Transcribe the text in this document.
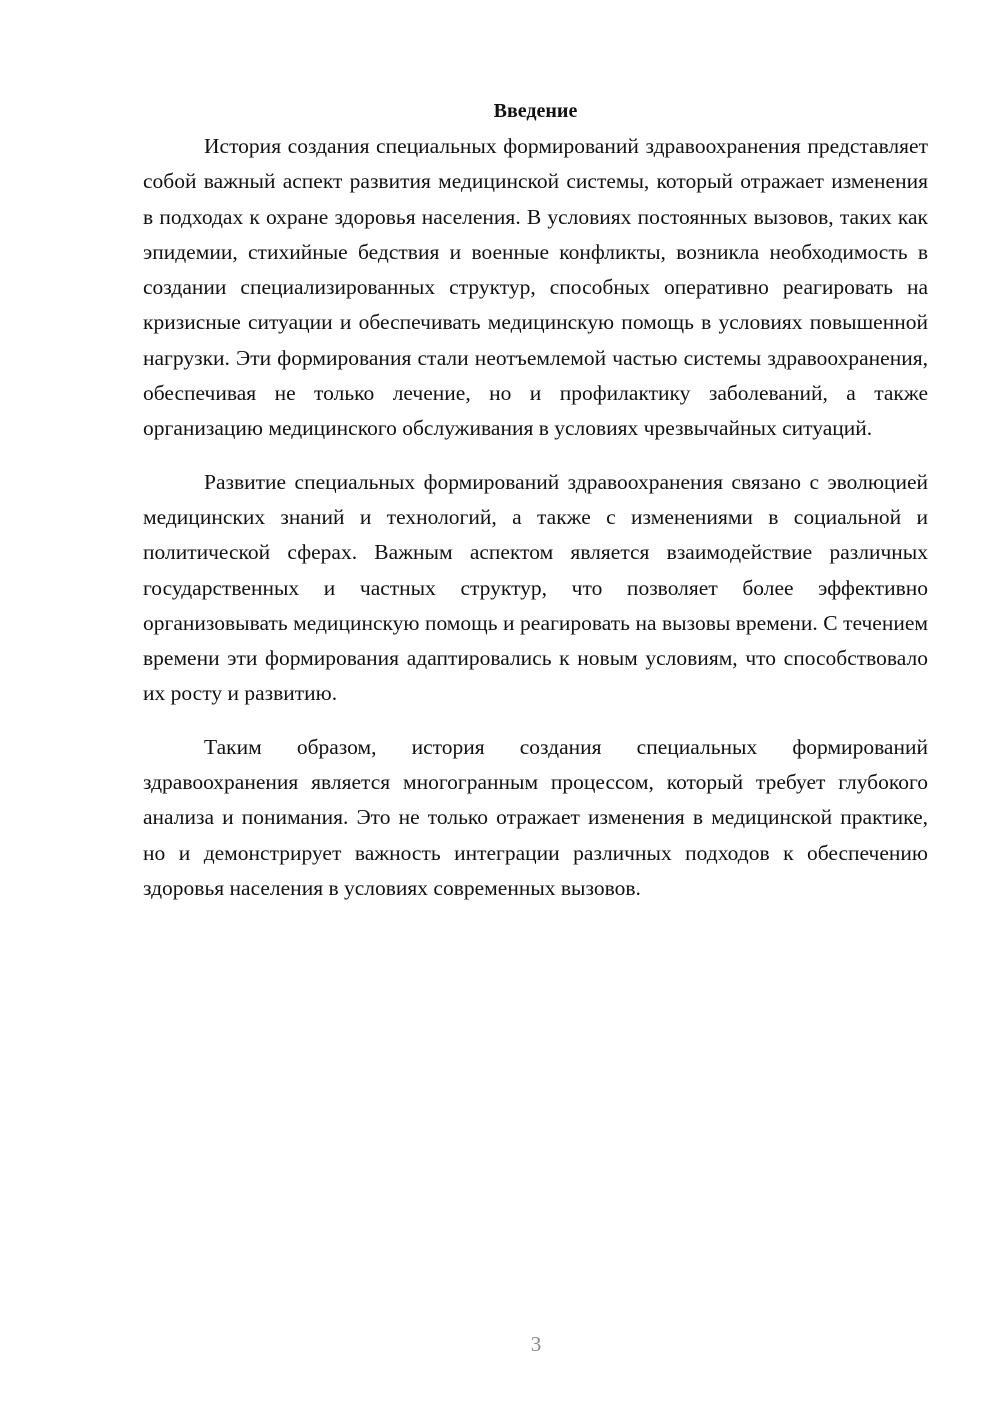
Введение

История создания специальных формирований здравоохранения представляет собой важный аспект развития медицинской системы, который отражает изменения в подходах к охране здоровья населения. В условиях постоянных вызовов, таких как эпидемии, стихийные бедствия и военные конфликты, возникла необходимость в создании специализированных структур, способных оперативно реагировать на кризисные ситуации и обеспечивать медицинскую помощь в условиях повышенной нагрузки. Эти формирования стали неотъемлемой частью системы здравоохранения, обеспечивая не только лечение, но и профилактику заболеваний, а также организацию медицинского обслуживания в условиях чрезвычайных ситуаций.

Развитие специальных формирований здравоохранения связано с эволюцией медицинских знаний и технологий, а также с изменениями в социальной и политической сферах. Важным аспектом является взаимодействие различных государственных и частных структур, что позволяет более эффективно организовывать медицинскую помощь и реагировать на вызовы времени. С течением времени эти формирования адаптировались к новым условиям, что способствовало их росту и развитию.

Таким образом, история создания специальных формирований здравоохранения является многогранным процессом, который требует глубокого анализа и понимания. Это не только отражает изменения в медицинской практике, но и демонстрирует важность интеграции различных подходов к обеспечению здоровья населения в условиях современных вызовов.

3
